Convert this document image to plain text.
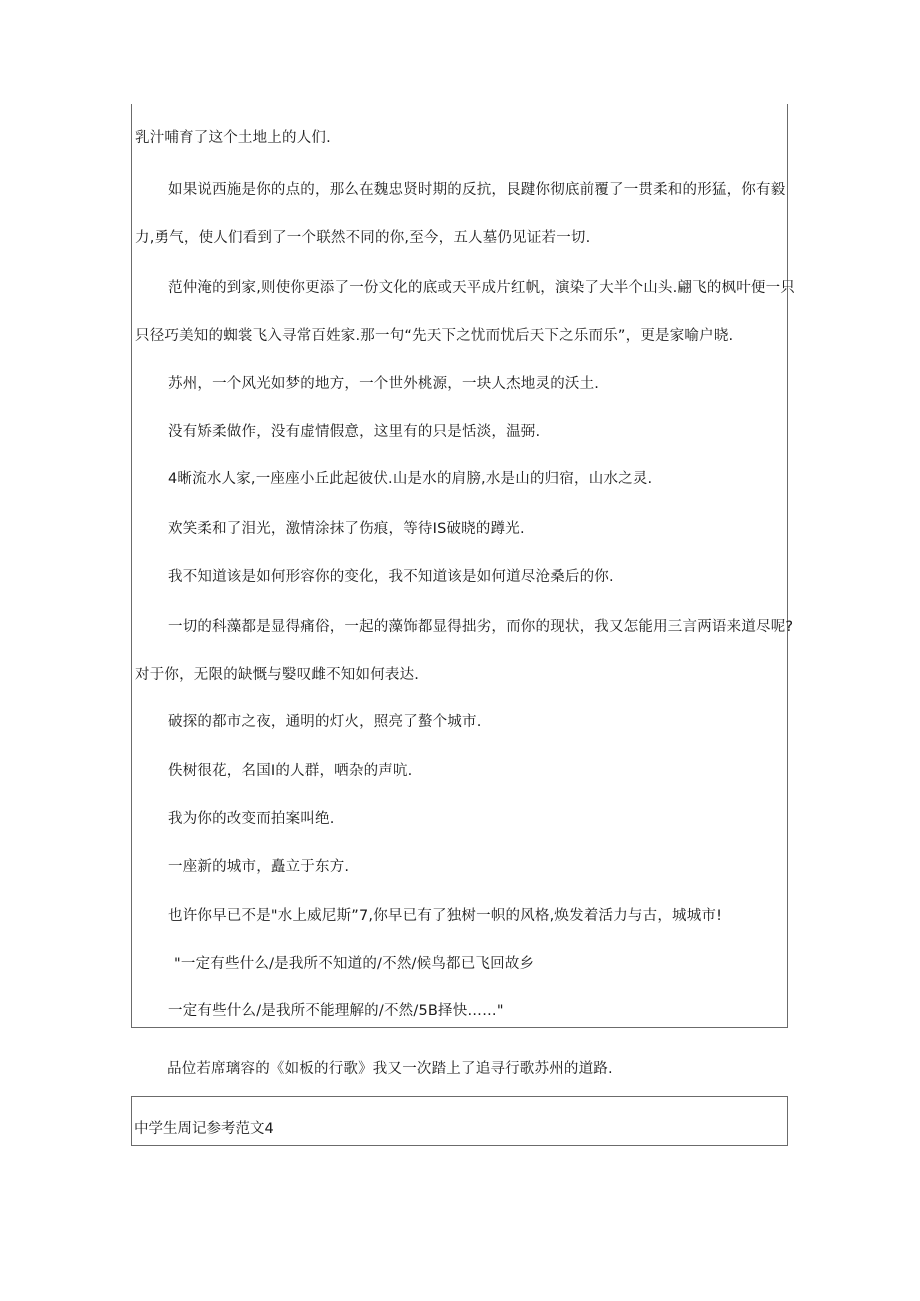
乳汁哺育了这个土地上的人们.
如果说西施是你的点的，那么在魏忠贤时期的反抗，艮踺你彻底前覆了一贯柔和的形猛，你有毅
力,勇气，使人们看到了一个联然不同的你,至今，五人墓仍见证若一切.
范仲淹的到家,则使你更添了一份文化的底或天平成片红帆，演染了大半个山头.翩飞的枫叶便一只
只径巧美知的蜘裳飞入寻常百姓家.那一句“先天下之忧而忧后天下之乐而乐”，更是家喻户晓.
苏州，一个风光如梦的地方，一个世外桃源，一块人杰地灵的沃土.
没有矫柔做作，没有虚情假意，这里有的只是恬淡，温弼.
4晰流水人家,一座座小丘此起彼伏.山是水的肩膀,水是山的归宿，山水之灵.
欢笑柔和了泪光，激情涂抹了伤痕，等待IS破晓的蹲光.
我不知道该是如何形容你的变化，我不知道该是如何道尽沧桑后的你.
一切的科藻都是显得痛俗，一起的藻饰都显得拙劣，而你的现状，我又怎能用三言两语来道尽呢?
对于你，无限的缺慨与嫛叹雌不知如何表达.
破探的都市之夜，通明的灯火，照亮了螯个城市.
佚树很花，名国I的人群，哂杂的声吭.
我为你的改变而拍案叫绝.
一座新的城市，矗立于东方.
也许你早已不是"水上威尼斯”7,你早已有了独树一帜的风格,焕发着活力与古，城城市!
"一定有些什么/是我所不知道的/不然/候鸟都已飞回故乡
一定有些什么/是我所不能理解的/不然/5B择快……"
品位若席璃容的《如板的行歌》我又一次踏上了追寻行歌苏州的道路.
中学生周记参考范文4
